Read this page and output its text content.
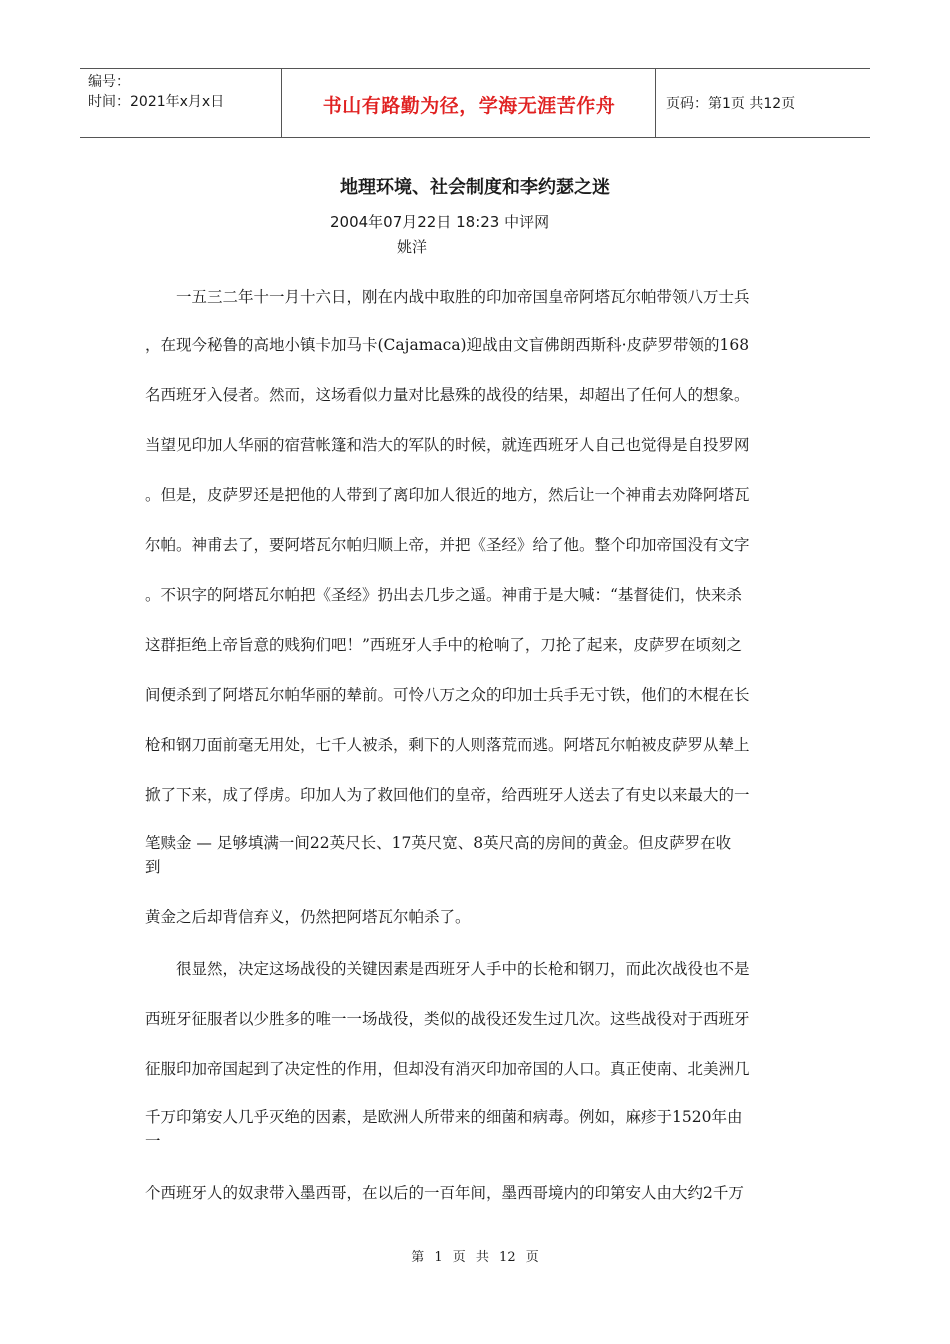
编号：
时间：2021年x月x日	书山有路勤为径，学海无涯苦作舟	页码：第1页 共12页
地理环境、社会制度和李约瑟之迷
2004年07月22日 18:23 中评网
姚洋
　　一五三二年十一月十六日，刚在内战中取胜的印加帝国皇帝阿塔瓦尔帕带领八万士兵
，在现今秘鲁的高地小镇卡加马卡(Cajamaca)迎战由文盲佛朗西斯科·皮萨罗带领的168
名西班牙入侵者。然而，这场看似力量对比悬殊的战役的结果，却超出了任何人的想象。
当望见印加人华丽的宿营帐篷和浩大的军队的时候，就连西班牙人自己也觉得是自投罗网
。但是，皮萨罗还是把他的人带到了离印加人很近的地方，然后让一个神甫去劝降阿塔瓦
尔帕。神甫去了，要阿塔瓦尔帕归顺上帝，并把《圣经》给了他。整个印加帝国没有文字
。不识字的阿塔瓦尔帕把《圣经》扔出去几步之遥。神甫于是大喊：“基督徒们，快来杀
这群拒绝上帝旨意的贱狗们吧！”西班牙人手中的枪响了，刀抡了起来，皮萨罗在顷刻之
间便杀到了阿塔瓦尔帕华丽的辇前。可怜八万之众的印加士兵手无寸铁，他们的木棍在长
枪和钢刀面前毫无用处，七千人被杀，剩下的人则落荒而逃。阿塔瓦尔帕被皮萨罗从辇上
掀了下来，成了俘虏。印加人为了救回他们的皇帝，给西班牙人送去了有史以来最大的一
笔赎金 — 足够填满一间22英尺长、17英尺宽、8英尺高的房间的黄金。但皮萨罗在收
到
黄金之后却背信弃义，仍然把阿塔瓦尔帕杀了。
　　很显然，决定这场战役的关键因素是西班牙人手中的长枪和钢刀，而此次战役也不是
西班牙征服者以少胜多的唯一一场战役，类似的战役还发生过几次。这些战役对于西班牙
征服印加帝国起到了决定性的作用，但却没有消灭印加帝国的人口。真正使南、北美洲几
千万印第安人几乎灭绝的因素，是欧洲人所带来的细菌和病毒。例如，麻疹于1520年由
一
个西班牙人的奴隶带入墨西哥，在以后的一百年间，墨西哥境内的印第安人由大约2千万
第 1 页 共 12 页
